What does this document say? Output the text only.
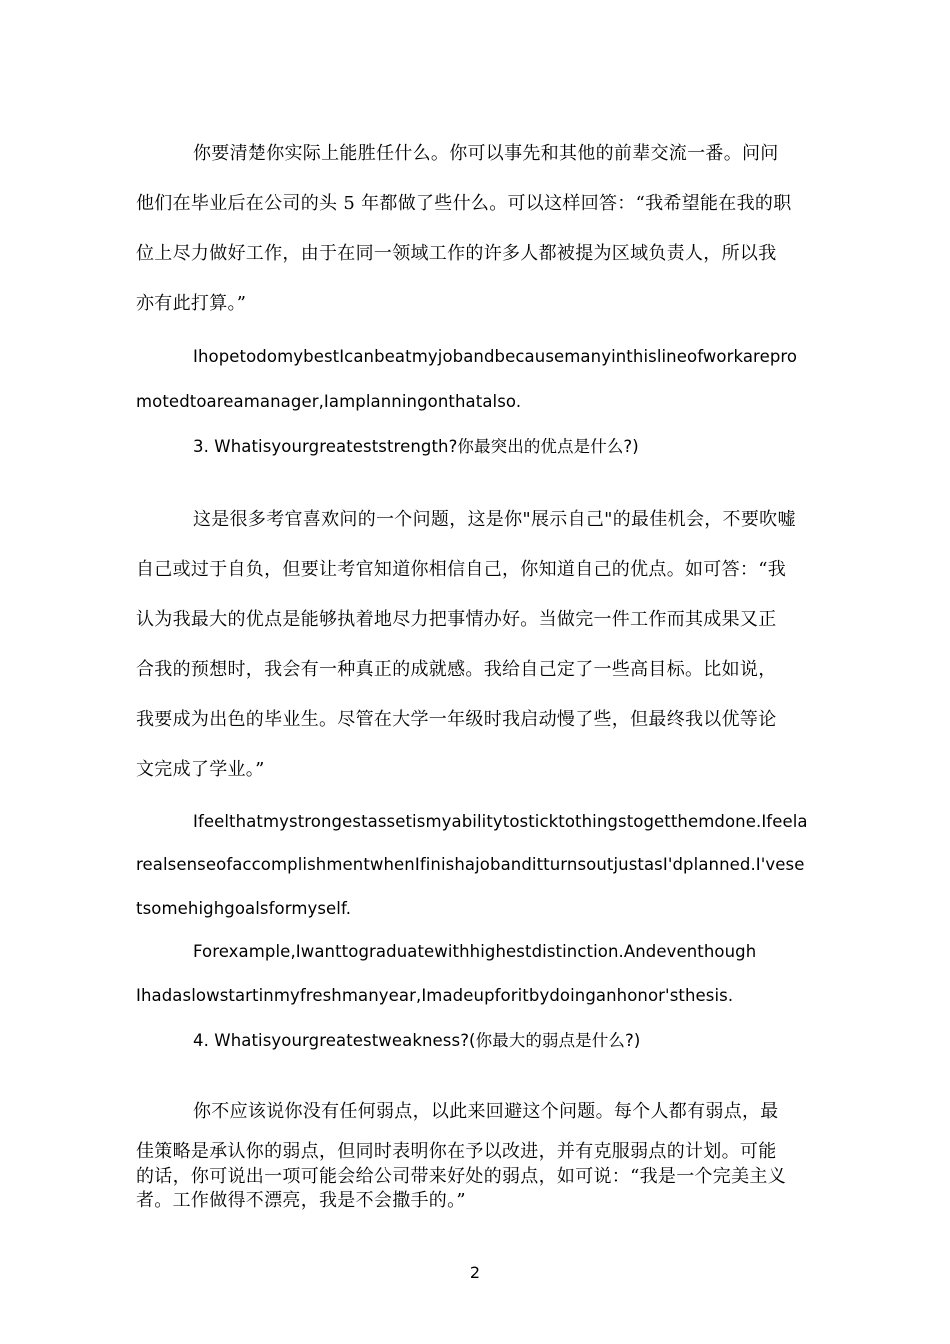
你要清楚你实际上能胜任什么。你可以事先和其他的前辈交流一番。问问
他们在毕业后在公司的头 5 年都做了些什么。可以这样回答：“我希望能在我的职
位上尽力做好工作，由于在同一领域工作的许多人都被提为区域负责人，所以我
亦有此打算。”
IhopetodomybestIcanbeatmyjobandbecausemanyinthislineofworkarepro
motedtoareamanager,Iamplanningonthatalso.
3. Whatisyourgreateststrength?你最突出的优点是什么?)
这是很多考官喜欢问的一个问题，这是你"展示自己"的最佳机会，不要吹嘘
自己或过于自负，但要让考官知道你相信自己，你知道自己的优点。如可答：“我
认为我最大的优点是能够执着地尽力把事情办好。当做完一件工作而其成果又正
合我的预想时，我会有一种真正的成就感。我给自己定了一些高目标。比如说，
我要成为出色的毕业生。尽管在大学一年级时我启动慢了些，但最终我以优等论
文完成了学业。”
Ifeelthatmystrongestassetismyabilitytosticktothingstogetthemdone.Ifeela
realsenseofaccomplishmentwhenIfinishajobanditturnsoutjustasI'dplanned.I'vese
tsomehighgoalsformyself.
Forexample,Iwanttograduatewithhighestdistinction.Andeventhough
Ihadaslowstartinmyfreshmanyear,Imadeupforitbydoinganhonor'sthesis.
4. Whatisyourgreatestweakness?(你最大的弱点是什么?)
你不应该说你没有任何弱点，以此来回避这个问题。每个人都有弱点，最
佳策略是承认你的弱点，但同时表明你在予以改进，并有克服弱点的计划。可能
的话，你可说出一项可能会给公司带来好处的弱点，如可说：“我是一个完美主义
者。工作做得不漂亮，我是不会撒手的。”
2
